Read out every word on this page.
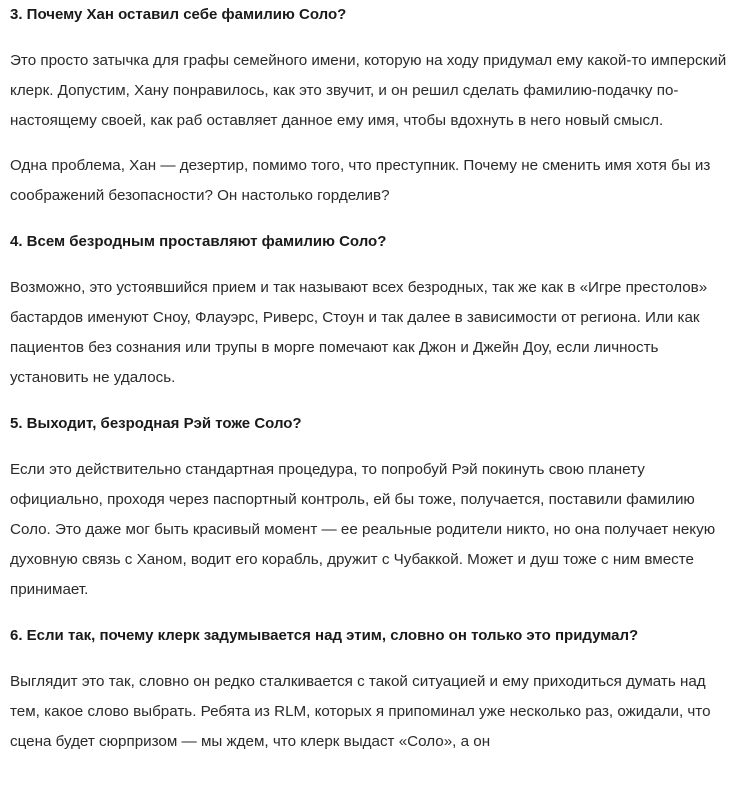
3. Почему Хан оставил себе фамилию Соло?

Это просто затычка для графы семейного имени, которую на ходу придумал ему какой-то имперский клерк. Допустим, Хану понравилось, как это звучит, и он решил сделать фамилию-подачку по-настоящему своей, как раб оставляет данное ему имя, чтобы вдохнуть в него новый смысл.

Одна проблема, Хан — дезертир, помимо того, что преступник. Почему не сменить имя хотя бы из соображений безопасности? Он настолько горделив?

4. Всем безродным проставляют фамилию Соло?

Возможно, это устоявшийся прием и так называют всех безродных, так же как в «Игре престолов» бастардов именуют Сноу, Флауэрс, Риверс, Стоун и так далее в зависимости от региона. Или как пациентов без сознания или трупы в морге помечают как Джон и Джейн Доу, если личность установить не удалось.

5. Выходит, безродная Рэй тоже Соло?

Если это действительно стандартная процедура, то попробуй Рэй покинуть свою планету официально, проходя через паспортный контроль, ей бы тоже, получается, поставили фамилию Соло. Это даже мог быть красивый момент — ее реальные родители никто, но она получает некую духовную связь с Ханом, водит его корабль, дружит с Чубаккой. Может и душ тоже с ним вместе принимает.

6. Если так, почему клерк задумывается над этим, словно он только это придумал?

Выглядит это так, словно он редко сталкивается с такой ситуацией и ему приходиться думать над тем, какое слово выбрать. Ребята из RLM, которых я припоминал уже несколько раз, ожидали, что сцена будет сюрпризом — мы ждем, что клерк выдаст «Соло», а он
